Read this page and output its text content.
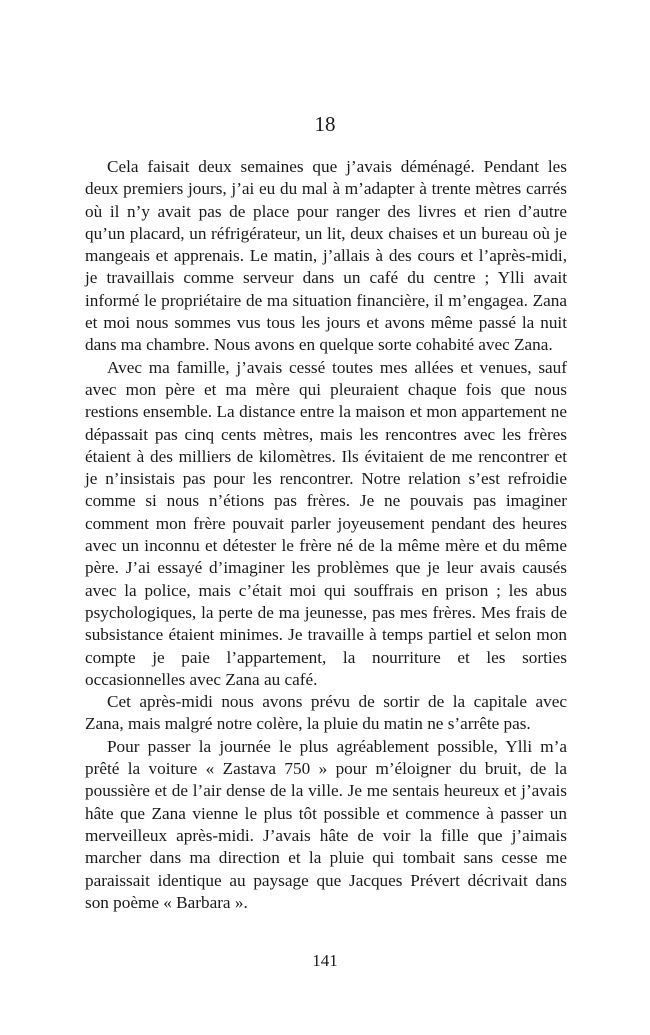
18

Cela faisait deux semaines que j’avais déménagé. Pendant les deux premiers jours, j’ai eu du mal à m’adapter à trente mètres carrés où il n’y avait pas de place pour ranger des livres et rien d’autre qu’un placard, un réfrigérateur, un lit, deux chaises et un bureau où je mangeais et apprenais. Le matin, j’allais à des cours et l’après-midi, je travaillais comme serveur dans un café du centre ; Ylli avait informé le propriétaire de ma situation financière, il m’engagea. Zana et moi nous sommes vus tous les jours et avons même passé la nuit dans ma chambre. Nous avons en quelque sorte cohabité avec Zana.

Avec ma famille, j’avais cessé toutes mes allées et venues, sauf avec mon père et ma mère qui pleuraient chaque fois que nous restions ensemble. La distance entre la maison et mon appartement ne dépassait pas cinq cents mètres, mais les rencontres avec les frères étaient à des milliers de kilomètres. Ils évitaient de me rencontrer et je n’insistais pas pour les rencontrer. Notre relation s’est refroidie comme si nous n’étions pas frères. Je ne pouvais pas imaginer comment mon frère pouvait parler joyeusement pendant des heures avec un inconnu et détester le frère né de la même mère et du même père. J’ai essayé d’imaginer les problèmes que je leur avais causés avec la police, mais c’était moi qui souffrais en prison ; les abus psychologiques, la perte de ma jeunesse, pas mes frères. Mes frais de subsistance étaient minimes. Je travaille à temps partiel et selon mon compte je paie l’appartement, la nourriture et les sorties occasionnelles avec Zana au café.

Cet après-midi nous avons prévu de sortir de la capitale avec Zana, mais malgré notre colère, la pluie du matin ne s’arrête pas.

Pour passer la journée le plus agréablement possible, Ylli m’a prêté la voiture « Zastava 750 » pour m’éloigner du bruit, de la poussière et de l’air dense de la ville. Je me sentais heureux et j’avais hâte que Zana vienne le plus tôt possible et commence à passer un merveilleux après-midi. J’avais hâte de voir la fille que j’aimais marcher dans ma direction et la pluie qui tombait sans cesse me paraissait identique au paysage que Jacques Prévert décrivait dans son poème « Barbara ».

141
